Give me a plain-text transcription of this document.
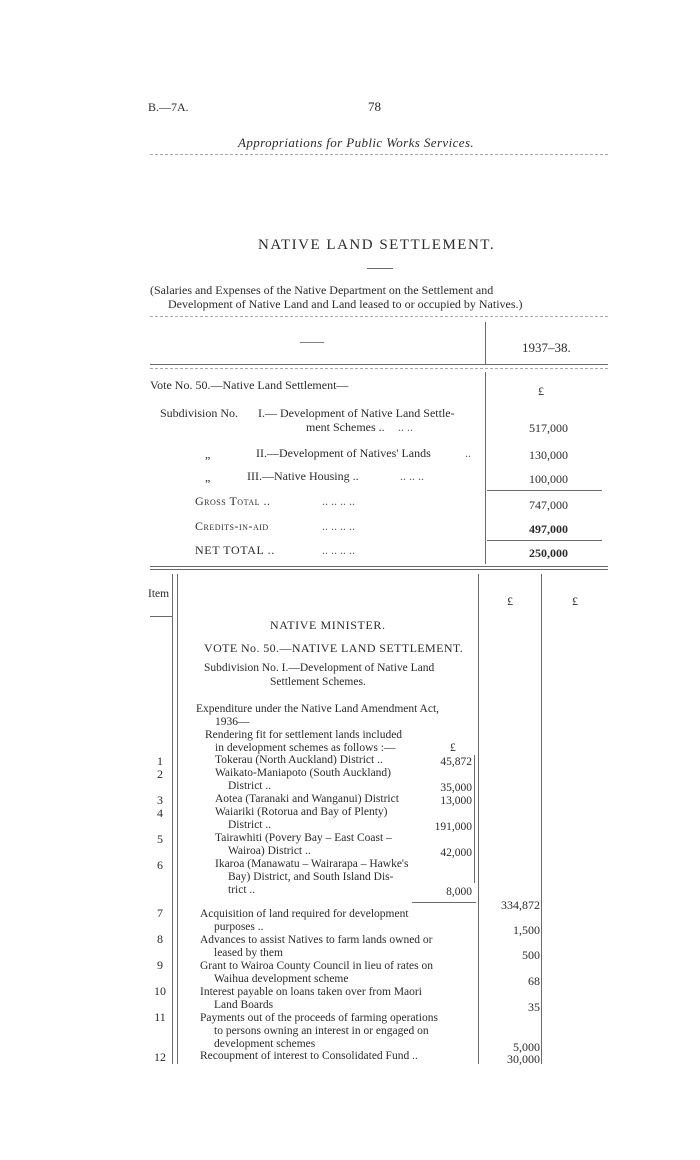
B.—7A.	78
Appropriations for Public Works Services.
NATIVE LAND SETTLEMENT.
(Salaries and Expenses of the Native Department on the Settlement and
Development of Native Land and Land leased to or occupied by Natives.)
——	1937–38.
£
Vote No. 50.—Native Land Settlement—
Subdivision No. I.— Development of Native Land Settle-
ment Schemes .. .. ..	517,000
„	II.—Development of Natives' Lands	..	130,000
„	III.—Native Housing ..	.. .. ..	100,000
Gross Total ..	.. .. .. ..	747,000
Credits-in-aid	.. .. .. ..	497,000
NET TOTAL ..	.. .. .. ..	250,000
Item	£	£
NATIVE MINISTER.
VOTE No. 50.—NATIVE LAND SETTLEMENT.
Subdivision No. I.—Development of Native Land
Settlement Schemes.
Expenditure under the Native Land Amendment Act,
1936—
Rendering fit for settlement lands included
in development schemes as follows :—	£
1	Tokerau (North Auckland) District ..	45,872
2	Waikato-Maniapoto (South Auckland)
District ..	35,000
3	Aotea (Taranaki and Wanganui) District	13,000
4	Waiariki (Rotorua and Bay of Plenty)
District ..	191,000
5	Tairawhiti (Povery Bay – East Coast –
Wairoa) District ..	42,000
6	Ikaroa (Manawatu – Wairarapa – Hawke's
Bay) District, and South Island Dis-
trict ..	8,000
334,872
7	Acquisition of land required for development
purposes ..	1,500
8	Advances to assist Natives to farm lands owned or
leased by them	500
9	Grant to Wairoa County Council in lieu of rates on
Waihua development scheme	68
10	Interest payable on loans taken over from Maori
Land Boards	35
11	Payments out of the proceeds of farming operations
to persons owning an interest in or engaged on
development schemes	5,000
12	Recoupment of interest to Consolidated Fund ..	30,000
